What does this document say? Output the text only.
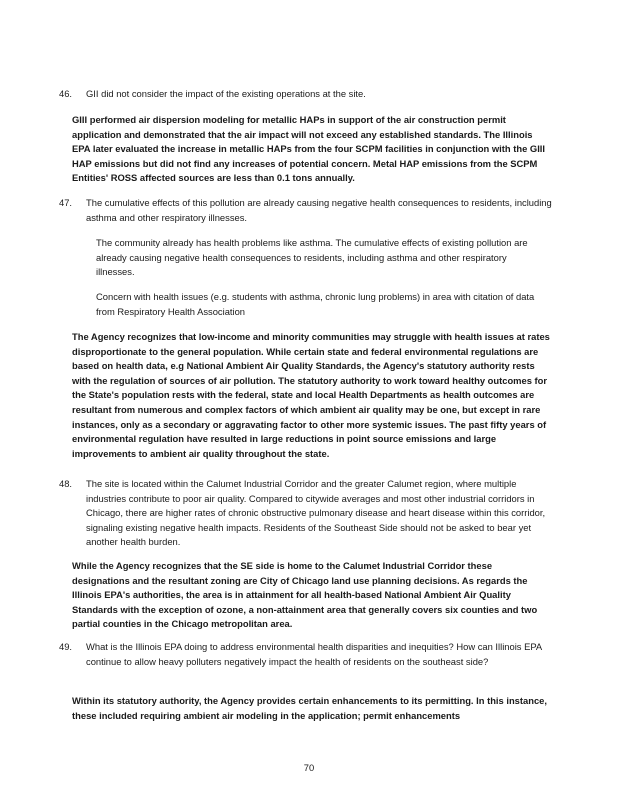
46. GII did not consider the impact of the existing operations at the site.
GIII performed air dispersion modeling for metallic HAPs in support of the air construction permit application and demonstrated that the air impact will not exceed any established standards. The Illinois EPA later evaluated the increase in metallic HAPs from the four SCPM facilities in conjunction with the GIII HAP emissions but did not find any increases of potential concern. Metal HAP emissions from the SCPM Entities' ROSS affected sources are less than 0.1 tons annually.
47. The cumulative effects of this pollution are already causing negative health consequences to residents, including asthma and other respiratory illnesses.
The community already has health problems like asthma. The cumulative effects of existing pollution are already causing negative health consequences to residents, including asthma and other respiratory illnesses.
Concern with health issues (e.g. students with asthma, chronic lung problems) in area with citation of data from Respiratory Health Association
The Agency recognizes that low-income and minority communities may struggle with health issues at rates disproportionate to the general population. While certain state and federal environmental regulations are based on health data, e.g National Ambient Air Quality Standards, the Agency's statutory authority rests with the regulation of sources of air pollution. The statutory authority to work toward healthy outcomes for the State's population rests with the federal, state and local Health Departments as health outcomes are resultant from numerous and complex factors of which ambient air quality may be one, but except in rare instances, only as a secondary or aggravating factor to other more systemic issues. The past fifty years of environmental regulation have resulted in large reductions in point source emissions and large improvements to ambient air quality throughout the state.
48. The site is located within the Calumet Industrial Corridor and the greater Calumet region, where multiple industries contribute to poor air quality. Compared to citywide averages and most other industrial corridors in Chicago, there are higher rates of chronic obstructive pulmonary disease and heart disease within this corridor, signaling existing negative health impacts. Residents of the Southeast Side should not be asked to bear yet another health burden.
While the Agency recognizes that the SE side is home to the Calumet Industrial Corridor these designations and the resultant zoning are City of Chicago land use planning decisions. As regards the Illinois EPA's authorities, the area is in attainment for all health-based National Ambient Air Quality Standards with the exception of ozone, a non-attainment area that generally covers six counties and two partial counties in the Chicago metropolitan area.
49. What is the Illinois EPA doing to address environmental health disparities and inequities? How can Illinois EPA continue to allow heavy polluters negatively impact the health of residents on the southeast side?
Within its statutory authority, the Agency provides certain enhancements to its permitting. In this instance, these included requiring ambient air modeling in the application; permit enhancements
70
